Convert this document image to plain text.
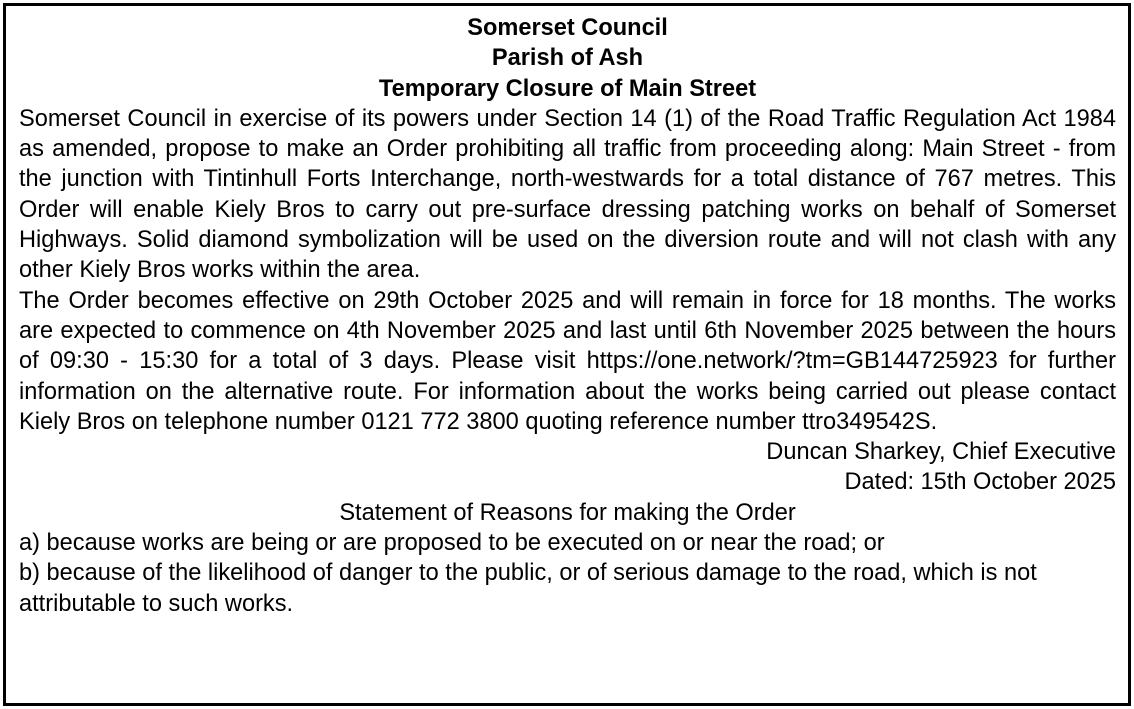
Somerset Council

Parish of Ash

Temporary Closure of Main Street

Somerset Council in exercise of its powers under Section 14 (1) of the Road Traffic Regulation Act 1984 as amended, propose to make an Order prohibiting all traffic from proceeding along: Main Street - from the junction with Tintinhull Forts Interchange, north-westwards for a total distance of 767 metres. This Order will enable Kiely Bros to carry out pre-surface dressing patching works on behalf of Somerset Highways. Solid diamond symbolization will be used on the diversion route and will not clash with any other Kiely Bros works within the area.

The Order becomes effective on 29th October 2025 and will remain in force for 18 months. The works are expected to commence on 4th November 2025 and last until 6th November 2025 between the hours of 09:30 - 15:30 for a total of 3 days. Please visit https://one.network/?tm=GB144725923 for further information on the alternative route. For information about the works being carried out please contact Kiely Bros on telephone number 0121 772 3800 quoting reference number ttro349542S.

Duncan Sharkey, Chief Executive

Dated: 15th October 2025

Statement of Reasons for making the Order

a) because works are being or are proposed to be executed on or near the road; or

b) because of the likelihood of danger to the public, or of serious damage to the road, which is not attributable to such works.
